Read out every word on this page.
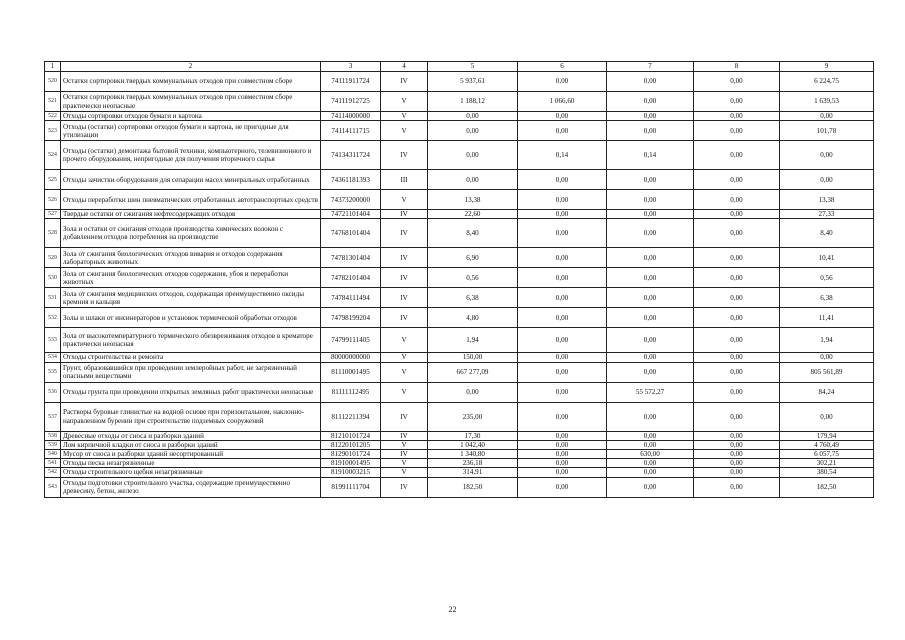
1	2	3	4	5	6	7	8	9
520	Остатки сортировки твердых коммунальных отходов при совместном сборе	74111911724	IV	5 937,61	0,00	0,00	0,00	6 224,75
521	Остатки сортировки твердых коммунальных отходов при совместном сборе практически неопасные	74111912725	V	1 188,12	1 066,60	0,00	0,00	1 639,53
522	Отходы сортировки отходов бумаги и картона	74114000000	V	0,00	0,00	0,00	0,00	0,00
523	Отходы (остатки) сортировки отходов бумаги и картона, не пригодные для утилизации	74114111715	V	0,00	0,00	0,00	0,00	101,78
524	Отходы (остатки) демонтажа бытовой техники, компьютерного, телевизионного и прочего оборудования, непригодные для получения вторичного сырья	74134311724	IV	0,00	0,14	0,14	0,00	0,00
525	Отходы зачистки оборудования для сепарации масел минеральных отработанных	74361181393	III	0,00	0,00	0,00	0,00	0,00
526	Отходы переработки шин пневматических отработанных автотранспортных средств	74373200000	V	13,38	0,00	0,00	0,00	13,38
527	Твердые остатки от сжигания нефтесодержащих отходов	74721101404	IV	22,60	0,00	0,00	0,00	27,33
528	Зола и остатки от сжигания отходов производства химических волокон с добавлением отходов потребления на производстве	74768101404	IV	8,40	0,00	0,00	0,00	8,40
529	Зола от сжигания биологических отходов вивария и отходов содержания лабораторных животных	74781301404	IV	6,90	0,00	0,00	0,00	10,41
530	Зола от сжигания биологических отходов содержания, убоя и переработки животных	74782101404	IV	0,56	0,00	0,00	0,00	0,56
531	Зола от сжигания медицинских отходов, содержащая преимущественно оксиды кремния и кальция	74784111494	IV	6,38	0,00	0,00	0,00	6,38
532	Золы и шлаки от инсинераторов и установок термической обработки отходов	74798199204	IV	4,80	0,00	0,00	0,00	11,41
533	Зола от высокотемпературного термического обезвреживания отходов в крематоре практически неопасная	74799111405	V	1,94	0,00	0,00	0,00	1,94
534	Отходы строительства и ремонта	80000000000	V	150,00	0,00	0,00	0,00	0,00
535	Грунт, образовавшийся при проведении землеройных работ, не загрязненный опасными веществами	81110001495	V	667 277,09	0,00	0,00	0,00	805 561,89
536	Отходы грунта при проведении открытых земляных работ практически неопасные	81111112495	V	0,00	0,00	55 572,27	0,00	84,24
537	Растворы буровые глинистые на водной основе при горизонтальном, наклонно-направленном бурении при строительстве подземных сооружений	81112211394	IV	235,00	0,00	0,00	0,00	0,00
538	Древесные отходы от сноса и разборки зданий	81210101724	IV	17,30	0,00	0,00	0,00	179,94
539	Лом кирпичной кладки от сноса и разборки зданий	81220101205	V	1 042,40	0,00	0,00	0,00	4 760,49
540	Мусор от сноса и разборки зданий несортированный	81290101724	IV	1 340,80	0,00	630,00	0,00	6 057,75
541	Отходы песка незагрязненные	81910001495	V	236,18	0,00	0,00	0,00	302,21
542	Отходы строительного щебня незагрязненные	81910003215	V	314,91	0,00	0,00	0,00	380,54
543	Отходы подготовки строительного участка, содержащие преимущественно древесину, бетон, железо	81991111704	IV	182,50	0,00	0,00	0,00	182,50
22
